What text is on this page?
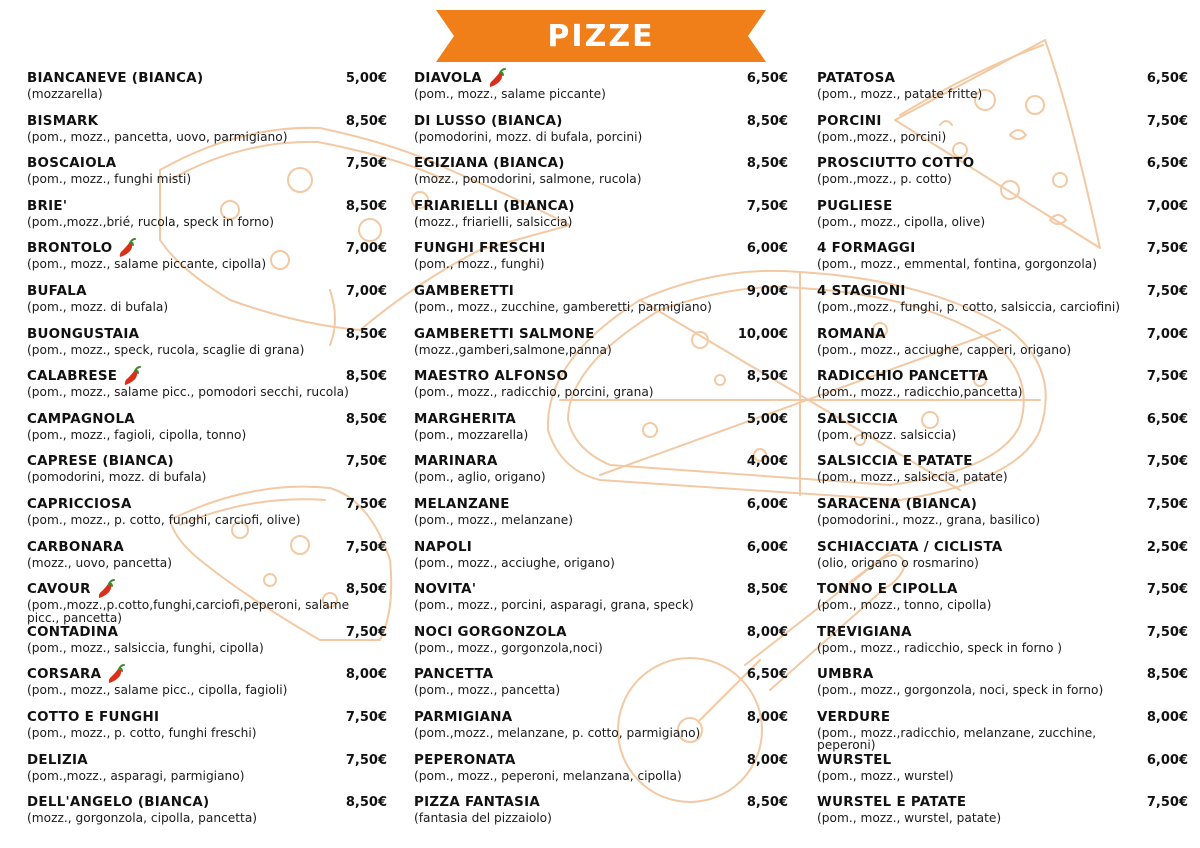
PIZZE
BIANCANEVE (BIANCA)	5,00€
(mozzarella)
BISMARK	8,50€
(pom., mozz., pancetta, uovo, parmigiano)
BOSCAIOLA	7,50€
(pom., mozz., funghi misti)
BRIE'	8,50€
(pom.,mozz.,brié, rucola, speck in forno)
BRONTOLO	7,00€
(pom., mozz., salame piccante, cipolla)
BUFALA	7,00€
(pom., mozz. di bufala)
BUONGUSTAIA	8,50€
(pom., mozz., speck, rucola, scaglie di grana)
CALABRESE	8,50€
(pom., mozz., salame picc., pomodori secchi, rucola)
CAMPAGNOLA	8,50€
(pom., mozz., fagioli, cipolla, tonno)
CAPRESE (BIANCA)	7,50€
(pomodorini, mozz. di bufala)
CAPRICCIOSA	7,50€
(pom., mozz., p. cotto, funghi, carciofi, olive)
CARBONARA	7,50€
(mozz., uovo, pancetta)
CAVOUR	8,50€
(pom.,mozz.,p.cotto,funghi,carciofi,peperoni, salame picc., pancetta)
CONTADINA	7,50€
(pom., mozz., salsiccia, funghi, cipolla)
CORSARA	8,00€
(pom., mozz., salame picc., cipolla, fagioli)
COTTO E FUNGHI	7,50€
(pom., mozz., p. cotto, funghi freschi)
DELIZIA	7,50€
(pom.,mozz., asparagi, parmigiano)
DELL'ANGELO (BIANCA)	8,50€
(mozz., gorgonzola, cipolla, pancetta)
DIAVOLA	6,50€
(pom., mozz., salame piccante)
DI LUSSO (BIANCA)	8,50€
(pomodorini, mozz. di bufala, porcini)
EGIZIANA (BIANCA)	8,50€
(mozz., pomodorini, salmone, rucola)
FRIARIELLI (BIANCA)	7,50€
(mozz., friarielli, salsiccia)
FUNGHI FRESCHI	6,00€
(pom., mozz., funghi)
GAMBERETTI	9,00€
(pom., mozz., zucchine, gamberetti, parmigiano)
GAMBERETTI SALMONE	10,00€
(mozz.,gamberi,salmone,panna)
MAESTRO ALFONSO	8,50€
(pom., mozz., radicchio, porcini, grana)
MARGHERITA	5,00€
(pom., mozzarella)
MARINARA	4,00€
(pom., aglio, origano)
MELANZANE	6,00€
(pom., mozz., melanzane)
NAPOLI	6,00€
(pom., mozz., acciughe, origano)
NOVITA'	8,50€
(pom., mozz., porcini, asparagi, grana, speck)
NOCI GORGONZOLA	8,00€
(pom., mozz., gorgonzola,noci)
PANCETTA	6,50€
(pom., mozz., pancetta)
PARMIGIANA	8,00€
(pom.,mozz., melanzane, p. cotto, parmigiano)
PEPERONATA	8,00€
(pom., mozz., peperoni, melanzana, cipolla)
PIZZA FANTASIA	8,50€
(fantasia del pizzaiolo)
PATATOSA	6,50€
(pom., mozz., patate fritte)
PORCINI	7,50€
(pom.,mozz., porcini)
PROSCIUTTO COTTO	6,50€
(pom.,mozz., p. cotto)
PUGLIESE	7,00€
(pom., mozz., cipolla, olive)
4 FORMAGGI	7,50€
(pom., mozz., emmental, fontina, gorgonzola)
4 STAGIONI	7,50€
(pom.,mozz., funghi, p. cotto, salsiccia, carciofini)
ROMANA	7,00€
(pom., mozz., acciughe, capperi, origano)
RADICCHIO PANCETTA	7,50€
(pom., mozz., radicchio,pancetta)
SALSICCIA	6,50€
(pom., mozz. salsiccia)
SALSICCIA E PATATE	7,50€
(pom., mozz., salsiccia, patate)
SARACENA (BIANCA)	7,50€
(pomodorini., mozz., grana, basilico)
SCHIACCIATA / CICLISTA	2,50€
(olio, origano o rosmarino)
TONNO E CIPOLLA	7,50€
(pom., mozz., tonno, cipolla)
TREVIGIANA	7,50€
(pom., mozz., radicchio, speck in forno )
UMBRA	8,50€
(pom., mozz., gorgonzola, noci, speck in forno)
VERDURE	8,00€
(pom., mozz.,radicchio, melanzane, zucchine, peperoni)
WURSTEL	6,00€
(pom., mozz., wurstel)
WURSTEL E PATATE	7,50€
(pom., mozz., wurstel, patate)
